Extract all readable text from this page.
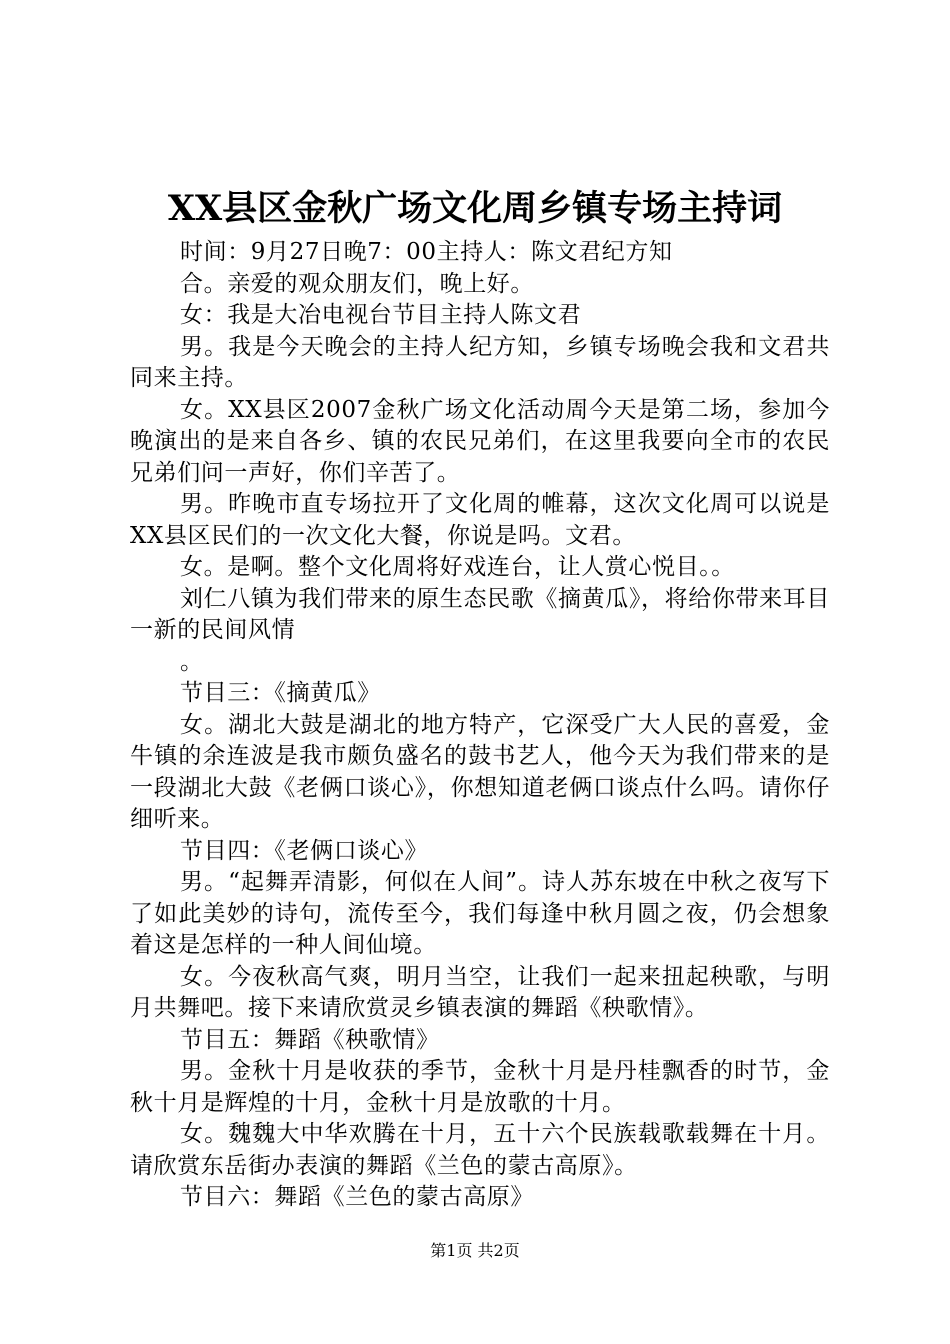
XX县区金秋广场文化周乡镇专场主持词

时间：9月27日晚7：00主持人：陈文君纪方知

合。亲爱的观众朋友们，晚上好。

女：我是大冶电视台节目主持人陈文君

男。我是今天晚会的主持人纪方知，乡镇专场晚会我和文君共同来主持。

女。XX县区2007金秋广场文化活动周今天是第二场，参加今晚演出的是来自各乡、镇的农民兄弟们，在这里我要向全市的农民兄弟们问一声好，你们辛苦了。

男。昨晚市直专场拉开了文化周的帷幕，这次文化周可以说是XX县区民们的一次文化大餐，你说是吗。文君。

女。是啊。整个文化周将好戏连台，让人赏心悦目。。

刘仁八镇为我们带来的原生态民歌《摘黄瓜》，将给你带来耳目一新的民间风情

。

节目三：《摘黄瓜》

女。湖北大鼓是湖北的地方特产，它深受广大人民的喜爱，金牛镇的余连波是我市颇负盛名的鼓书艺人，他今天为我们带来的是一段湖北大鼓《老俩口谈心》，你想知道老俩口谈点什么吗。请你仔细听来。

节目四：《老俩口谈心》

男。“起舞弄清影，何似在人间”。诗人苏东坡在中秋之夜写下了如此美妙的诗句，流传至今，我们每逢中秋月圆之夜，仍会想象着这是怎样的一种人间仙境。

女。今夜秋高气爽，明月当空，让我们一起来扭起秧歌，与明月共舞吧。接下来请欣赏灵乡镇表演的舞蹈《秧歌情》。

节目五：舞蹈《秧歌情》

男。金秋十月是收获的季节，金秋十月是丹桂飘香的时节，金秋十月是辉煌的十月，金秋十月是放歌的十月。

女。魏魏大中华欢腾在十月，五十六个民族载歌载舞在十月。请欣赏东岳街办表演的舞蹈《兰色的蒙古高原》。

节目六：舞蹈《兰色的蒙古高原》

第1页 共2页
